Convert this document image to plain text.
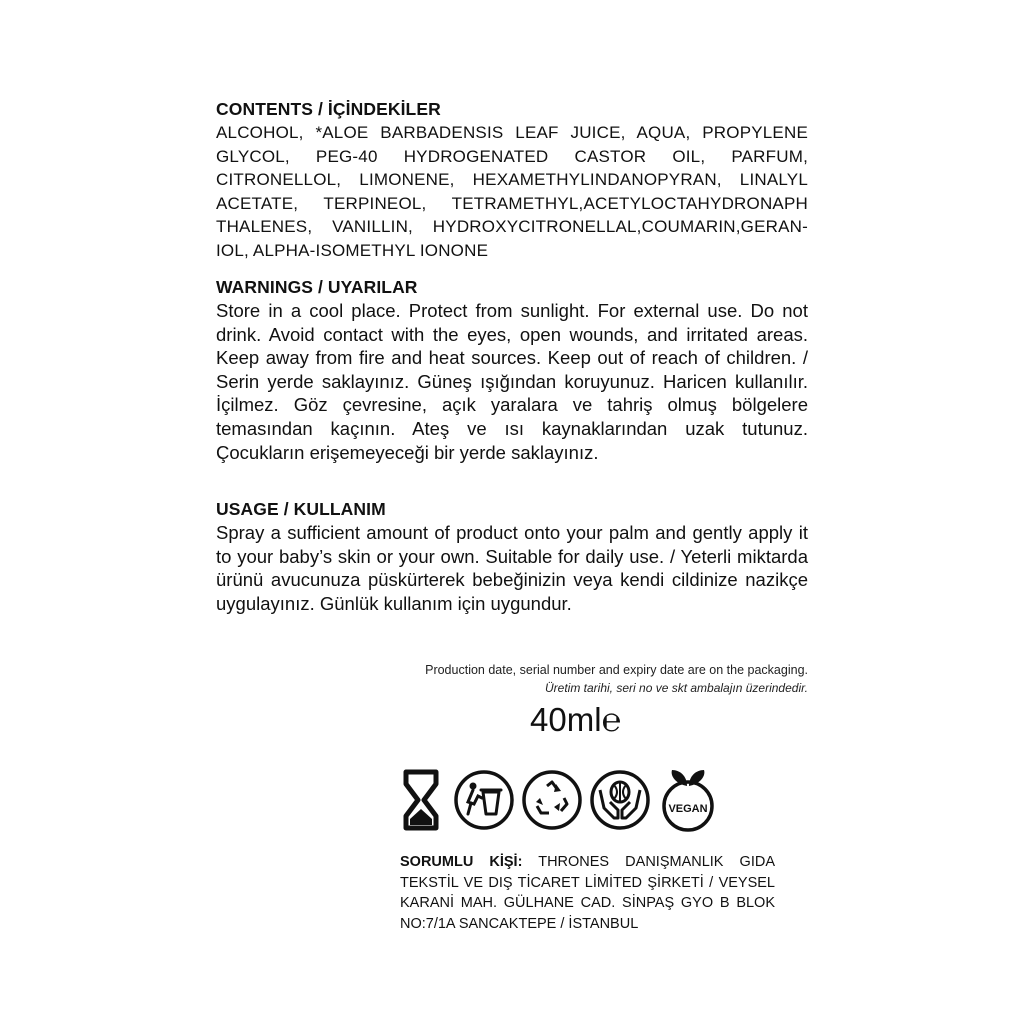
CONTENTS / İÇİNDEKİLER
ALCOHOL, *ALOE BARBADENSIS LEAF JUICE, AQUA, PROPYLENE GLYCOL, PEG-40 HYDROGENATED CASTOR OIL, PARFUM, CITRONELLOL, LIMONENE, HEXAMETHYLINDANOPYRAN, LINALYL ACETATE, TERPINEOL, TETRAMETHYL,ACETYLOCTAHYDRONAPH THALENES, VANILLIN, HYDROXYCITRONELLAL,COUMARIN,GERAN-IOL, ALPHA-ISOMETHYL IONONE
WARNINGS / UYARILAR
Store in a cool place. Protect from sunlight. For external use. Do not drink. Avoid contact with the eyes, open wounds, and irritated areas. Keep away from fire and heat sources. Keep out of reach of children. / Serin yerde saklayınız. Güneş ışığından koruyunuz. Haricen kullanılır. İçilmez. Göz çevresine, açık yaralara ve tahriş olmuş bölgelere temasından kaçının. Ateş ve ısı kaynaklarından uzak tutunuz. Çocukların erişemeyeceği bir yerde saklayınız.
USAGE / KULLANIM
Spray a sufficient amount of product onto your palm and gently apply it to your baby’s skin or your own. Suitable for daily use. / Yeterli miktarda ürünü avucunuza püskürterek bebeğinizin veya kendi cildinize nazikçe uygulayınız. Günlük kullanım için uygundur.
Production date, serial number and expiry date are on the packaging.
Üretim tarihi, seri no ve skt ambalajın üzerindedir.
40ml℮
VEGAN
SORUMLU KİŞİ: THRONES DANIŞMANLIK GIDA TEKSTİL VE DIŞ TİCARET LİMİTED ŞİRKETİ / VEYSEL KARANİ MAH. GÜLHANE CAD. SİNPAŞ GYO B BLOK NO:7/1A SANCAKTEPE / İSTANBUL
